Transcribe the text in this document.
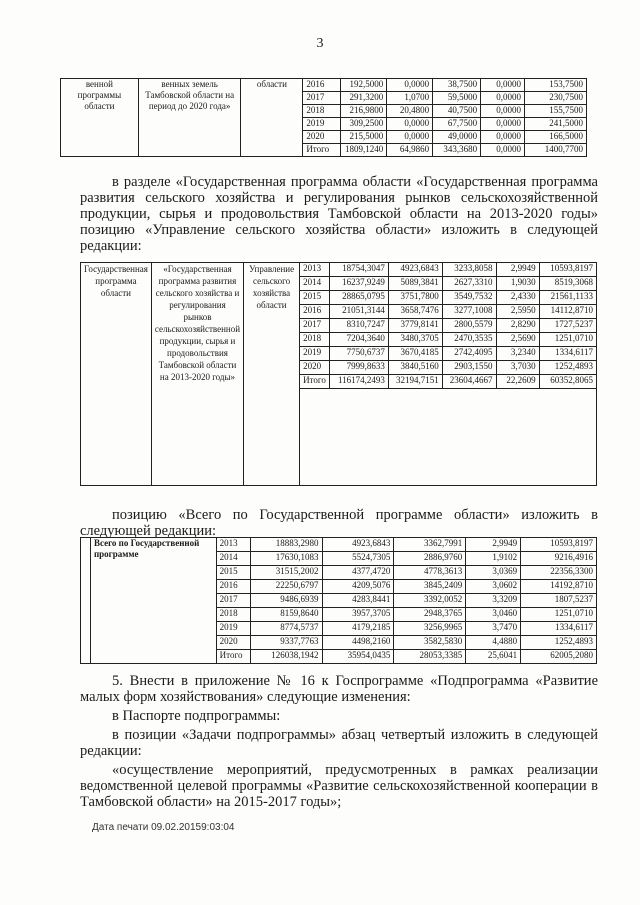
3
венной программы области	венных земель Тамбовской области на период до 2020 года»	области	2016	192,5000	0,0000	38,7500	0,0000	153,7500
			2017	291,3200	1,0700	59,5000	0,0000	230,7500
			2018	216,9800	20,4800	40,7500	0,0000	155,7500
			2019	309,2500	0,0000	67,7500	0,0000	241,5000
			2020	215,5000	0,0000	49,0000	0,0000	166,5000
			Итого	1809,1240	64,9860	343,3680	0,0000	1400,7700
в разделе «Государственная программа области «Государственная программа развития сельского хозяйства и регулирования рынков сельскохозяйственной продукции, сырья и продовольствия Тамбовской области на 2013-2020 годы» позицию «Управление сельского хозяйства области» изложить в следующей редакции:
Государственная программа области	«Государственная программа развития сельского хозяйства и регулирования рынков сельскохозяйственной продукции, сырья и продовольствия Тамбовской области на 2013-2020 годы»	Управление сельского хозяйства области	2013	18754,3047	4923,6843	3233,8058	2,9949	10593,8197
			2014	16237,9249	5089,3841	2627,3310	1,9030	8519,3068
			2015	28865,0795	3751,7800	3549,7532	2,4330	21561,1133
			2016	21051,3144	3658,7476	3277,1008	2,5950	14112,8710
			2017	8310,7247	3779,8141	2800,5579	2,8290	1727,5237
			2018	7204,3640	3480,3705	2470,3535	2,5690	1251,0710
			2019	7750,6737	3670,4185	2742,4095	3,2340	1334,6117
			2020	7999,8633	3840,5160	2903,1550	3,7030	1252,4893
			Итого	116174,2493	32194,7151	23604,4667	22,2609	60352,8065

позицию «Всего по Государственной программе области» изложить в следующей редакции:
	Всего по Государственной программе	2013	18883,2980	4923,6843	3362,7991	2,9949	10593,8197
		2014	17630,1083	5524,7305	2886,9760	1,9102	9216,4916
		2015	31515,2002	4377,4720	4778,3613	3,0369	22356,3300
		2016	22250,6797	4209,5076	3845,2409	3,0602	14192,8710
		2017	9486,6939	4283,8441	3392,0052	3,3209	1807,5237
		2018	8159,8640	3957,3705	2948,3765	3,0460	1251,0710
		2019	8774,5737	4179,2185	3256,9965	3,7470	1334,6117
		2020	9337,7763	4498,2160	3582,5830	4,4880	1252,4893
		Итого	126038,1942	35954,0435	28053,3385	25,6041	62005,2080
5. Внести в приложение № 16 к Госпрограмме «Подпрограмма «Развитие малых форм хозяйствования» следующие изменения:
в Паспорте подпрограммы:
в позиции «Задачи подпрограммы» абзац четвертый изложить в следующей редакции:
«осуществление мероприятий, предусмотренных в рамках реализации ведомственной целевой программы «Развитие сельскохозяйственной кооперации в Тамбовской области» на 2015-2017 годы»;
Дата печати 09.02.20159:03:04
